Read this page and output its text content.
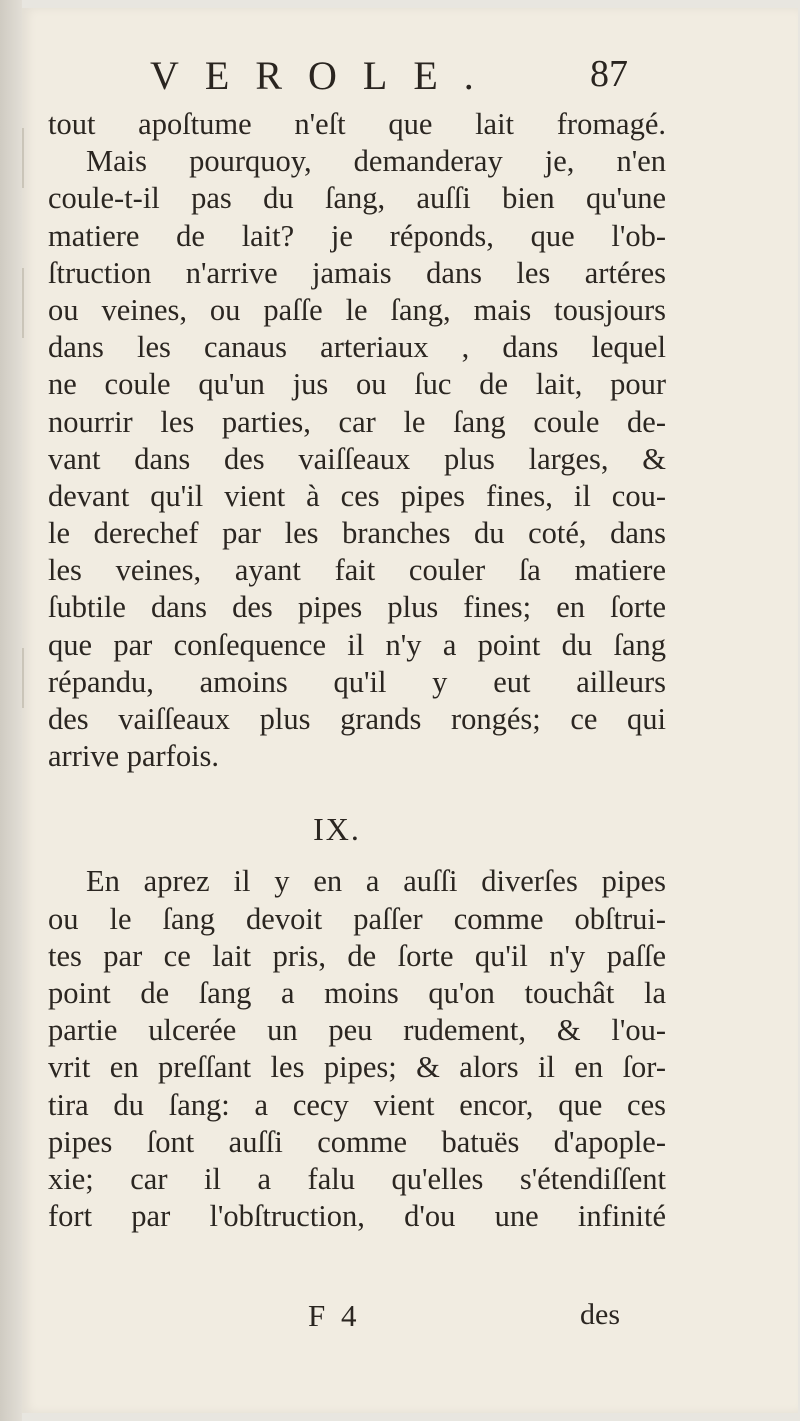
VEROLE. 87
tout apoſtume n'eſt que lait fromagé.
Mais pourquoy, demanderay je, n'en
coule-t-il pas du ſang, auſſi bien qu'une
matiere de lait? je réponds, que l'ob-
ſtruction n'arrive jamais dans les artéres
ou veines, ou paſſe le ſang, mais tousjours
dans les canaus arteriaux , dans lequel
ne coule qu'un jus ou ſuc de lait, pour
nourrir les parties, car le ſang coule de-
vant dans des vaiſſeaux plus larges, &
devant qu'il vient à ces pipes fines, il cou-
le derechef par les branches du coté, dans
les veines, ayant fait couler ſa matiere
ſubtile dans des pipes plus fines; en ſorte
que par conſequence il n'y a point du ſang
répandu, amoins qu'il y eut ailleurs
des vaiſſeaux plus grands rongés; ce qui
arrive parfois.
IX.
En aprez il y en a auſſi diverſes pipes
ou le ſang devoit paſſer comme obſtrui-
tes par ce lait pris, de ſorte qu'il n'y paſſe
point de ſang a moins qu'on touchât la
partie ulcerée un peu rudement, & l'ou-
vrit en preſſant les pipes; & alors il en ſor-
tira du ſang: a cecy vient encor, que ces
pipes ſont auſſi comme batuës d'apople-
xie; car il a falu qu'elles s'étendiſſent
fort par l'obſtruction, d'ou une infinité
F 4	des
